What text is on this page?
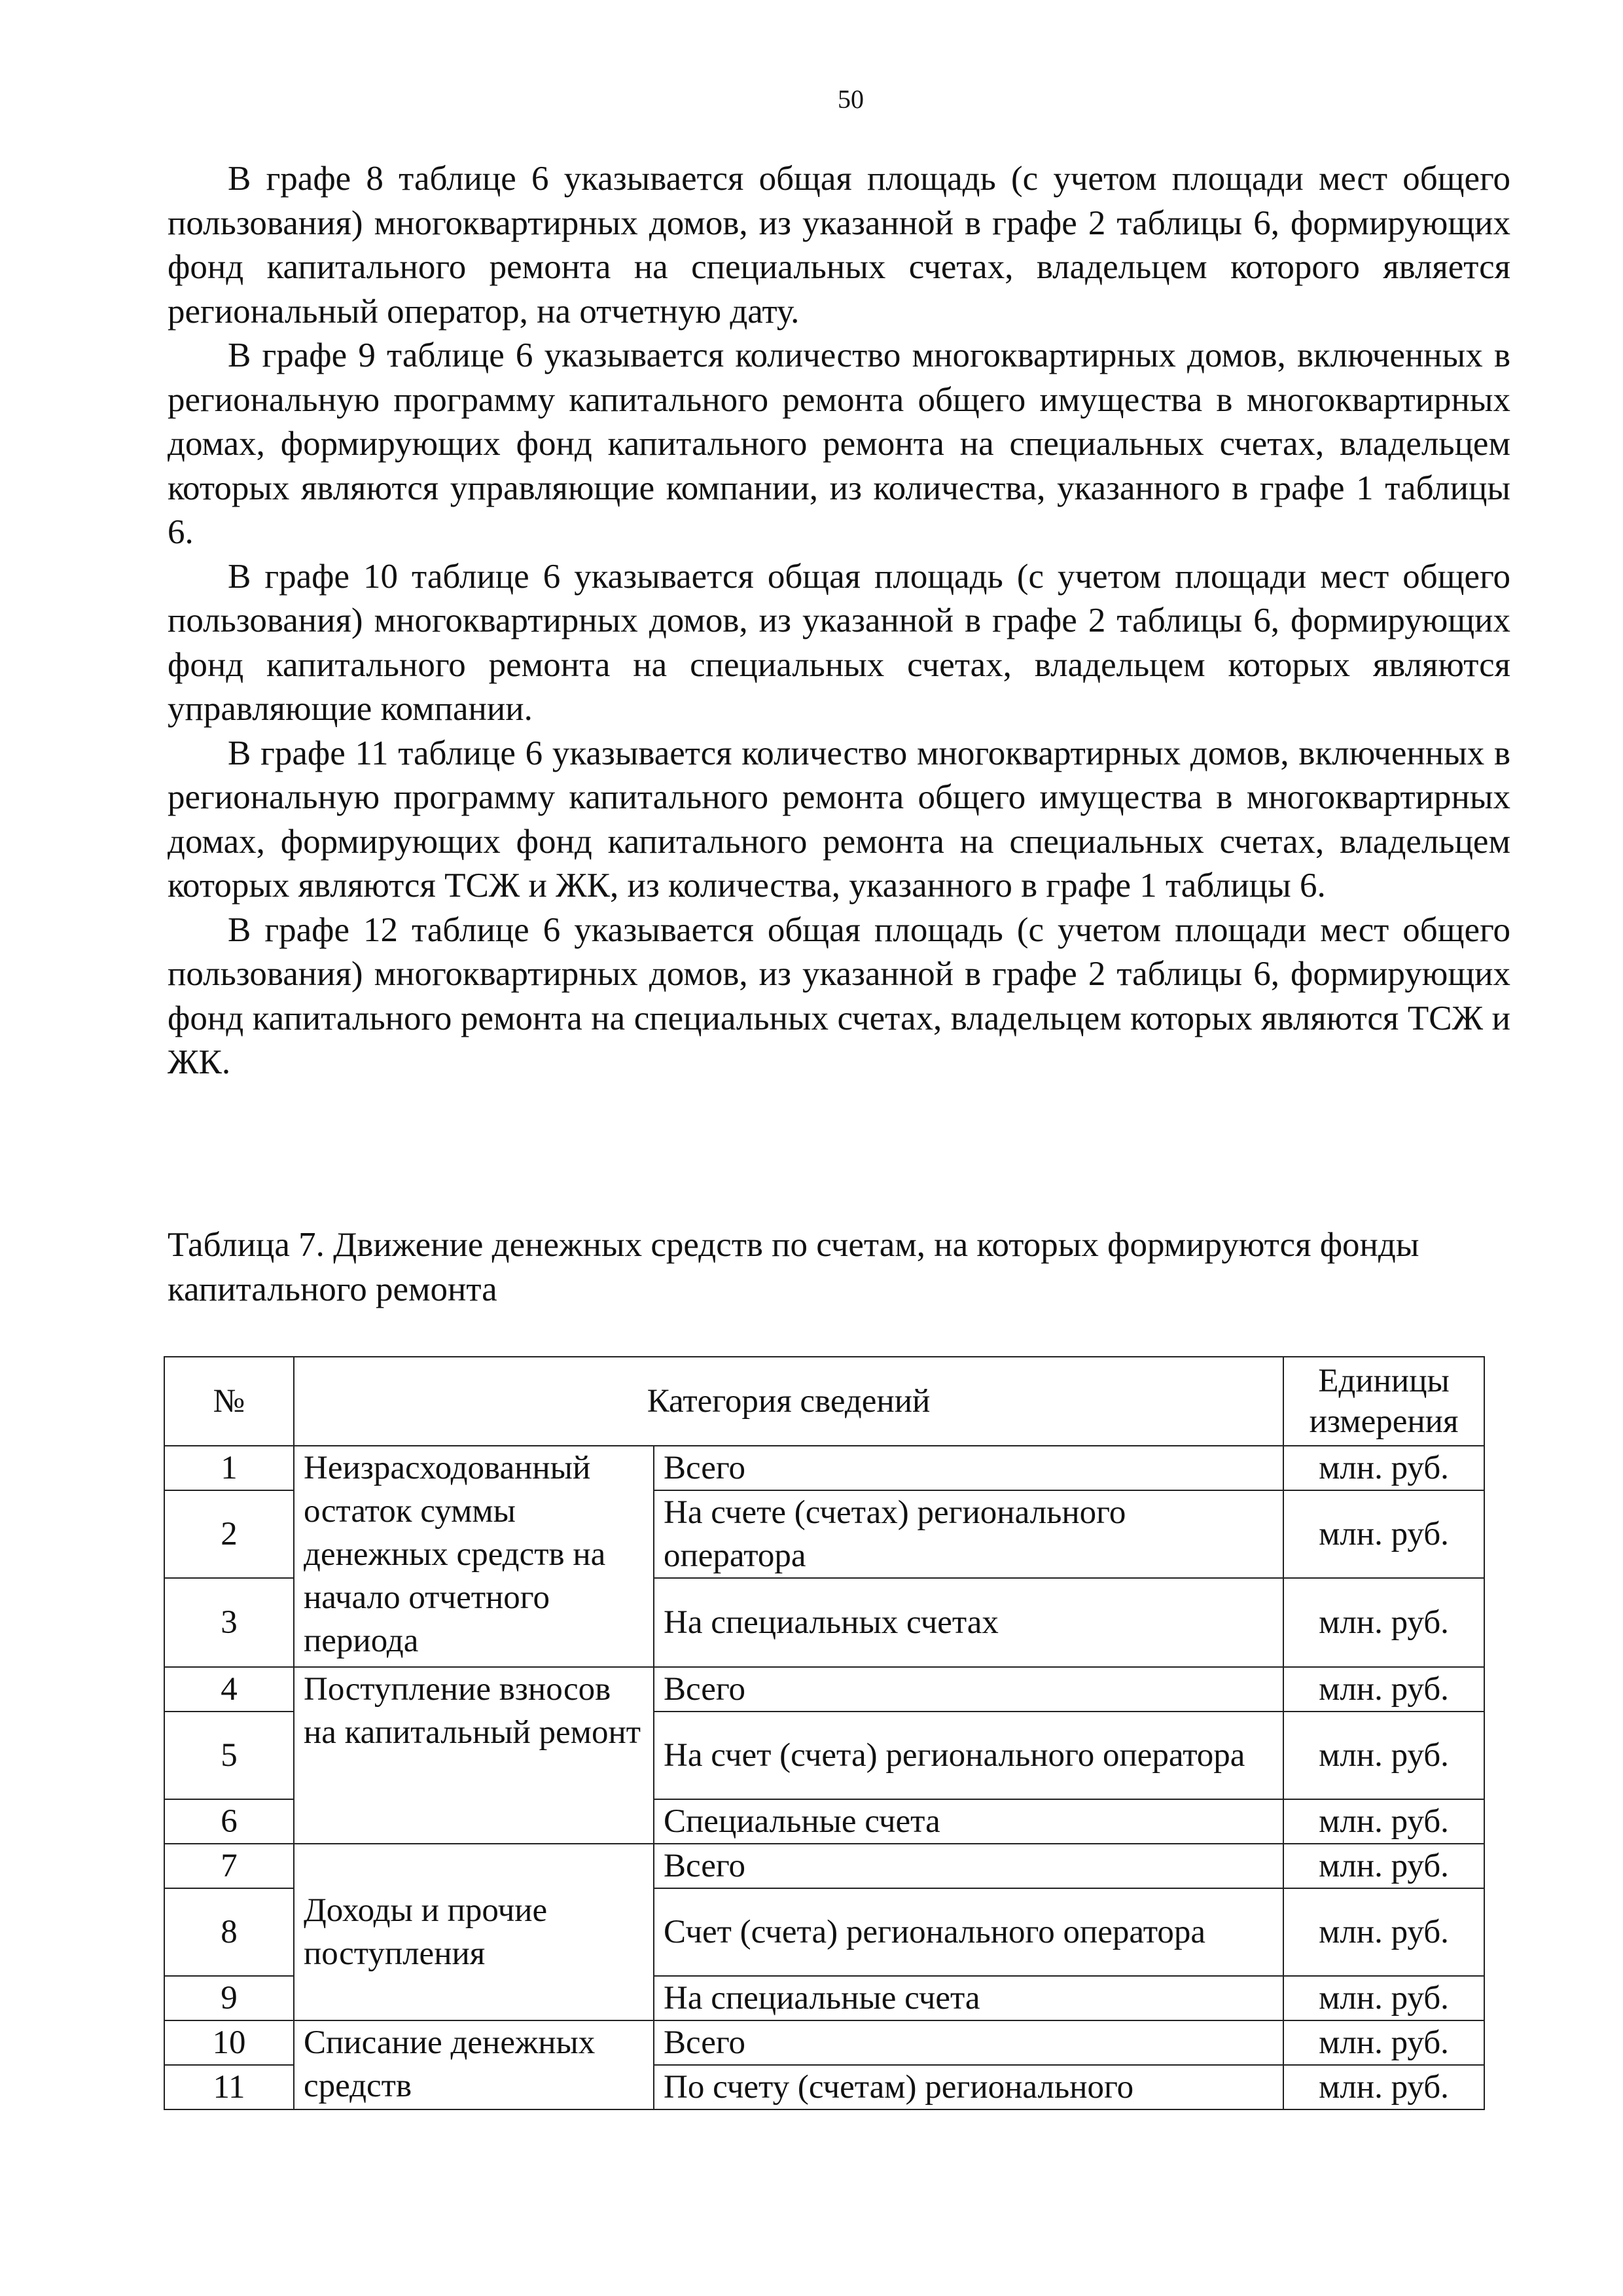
50

В графе 8 таблице 6 указывается общая площадь (с учетом площади мест общего пользования) многоквартирных домов, из указанной в графе 2 таблицы 6, формирующих фонд капитального ремонта на специальных счетах, владельцем которого является региональный оператор, на отчетную дату.

В графе 9 таблице 6 указывается количество многоквартирных домов, включенных в региональную программу капитального ремонта общего имущества в многоквартирных домах, формирующих фонд капитального ремонта на специальных счетах, владельцем которых являются управляющие компании, из количества, указанного в графе 1 таблицы 6.

В графе 10 таблице 6 указывается общая площадь (с учетом площади мест общего пользования) многоквартирных домов, из указанной в графе 2 таблицы 6, формирующих фонд капитального ремонта на специальных счетах, владельцем которых являются управляющие компании.

В графе 11 таблице 6 указывается количество многоквартирных домов, включенных в региональную программу капитального ремонта общего имущества в многоквартирных домах, формирующих фонд капитального ремонта на специальных счетах, владельцем которых являются ТСЖ и ЖК, из количества, указанного в графе 1 таблицы 6.

В графе 12 таблице 6 указывается общая площадь (с учетом площади мест общего пользования) многоквартирных домов, из указанной в графе 2 таблицы 6, формирующих фонд капитального ремонта на специальных счетах, владельцем которых являются ТСЖ и ЖК.

Таблица 7. Движение денежных средств по счетам, на которых формируются фонды капитального ремонта

№	Категория сведений		Единицы измерения
1	Неизрасходованный остаток суммы денежных средств на начало отчетного периода	Всего	млн. руб.
2		На счете (счетах) регионального оператора	млн. руб.
3		На специальных счетах	млн. руб.
4	Поступление взносов на капитальный ремонт	Всего	млн. руб.
5		На счет (счета) регионального оператора	млн. руб.
6		Специальные счета	млн. руб.
7	Доходы и прочие поступления	Всего	млн. руб.
8		Счет (счета) регионального оператора	млн. руб.
9		На специальные счета	млн. руб.
10	Списание денежных средств	Всего	млн. руб.
11		По счету (счетам) регионального	млн. руб.
